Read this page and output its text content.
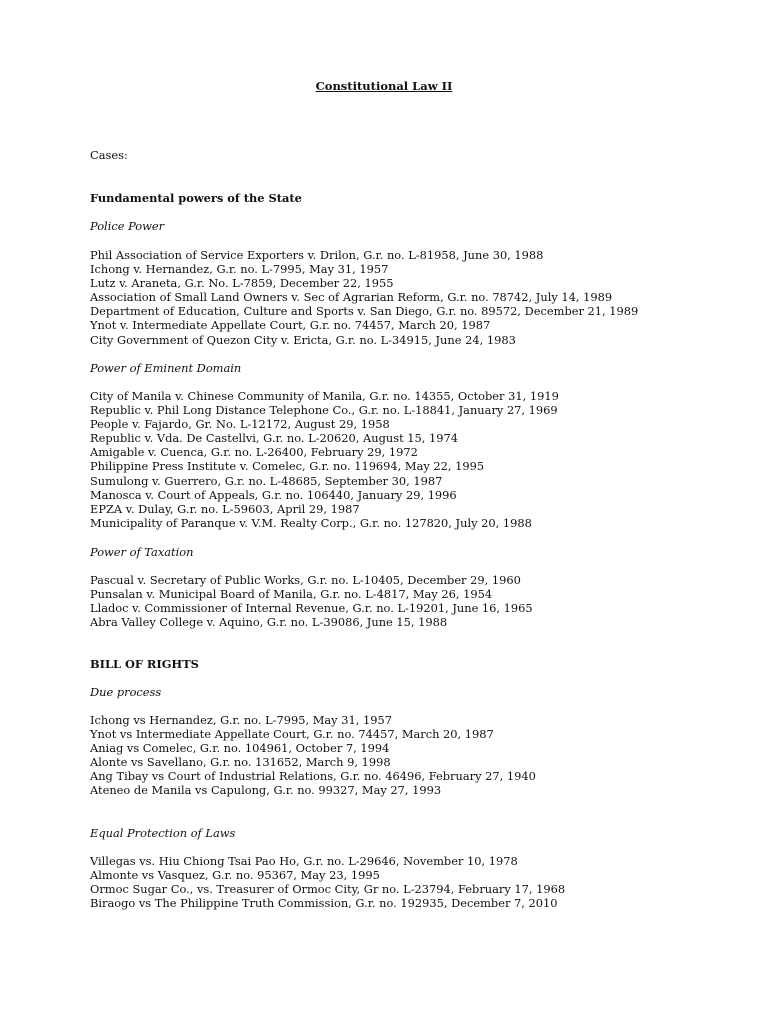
Constitutional Law II
Cases:
Fundamental powers of the State
Police Power
Phil Association of Service Exporters v. Drilon, G.r. no. L-81958, June 30, 1988
Ichong v. Hernandez, G.r. no. L-7995, May 31, 1957
Lutz v. Araneta, G.r. No. L-7859, December 22, 1955
Association of Small Land Owners v. Sec of Agrarian Reform, G.r. no. 78742, July 14, 1989
Department of Education, Culture and Sports v. San Diego, G.r. no. 89572, December 21, 1989
Ynot v. Intermediate Appellate Court, G.r. no. 74457, March 20, 1987
City Government of Quezon City v. Ericta, G.r. no. L-34915, June 24, 1983
Power of Eminent Domain
City of Manila v. Chinese Community of Manila, G.r. no. 14355, October 31, 1919
Republic v. Phil Long Distance Telephone Co., G.r. no. L-18841, January 27, 1969
People v. Fajardo, Gr. No. L-12172, August 29, 1958
Republic v. Vda. De Castellvi, G.r. no. L-20620, August 15, 1974
Amigable v. Cuenca, G.r. no. L-26400, February 29, 1972
Philippine Press Institute v. Comelec, G.r. no. 119694, May 22, 1995
Sumulong v. Guerrero, G.r. no. L-48685, September 30, 1987
Manosca v. Court of Appeals, G.r. no. 106440, January 29, 1996
EPZA v. Dulay, G.r. no. L-59603, April 29, 1987
Municipality of Paranque v. V.M. Realty Corp., G.r. no. 127820, July 20, 1988
Power of Taxation
Pascual v. Secretary of Public Works, G.r. no. L-10405, December 29, 1960
Punsalan v. Municipal Board of Manila, G.r. no. L-4817, May 26, 1954
Lladoc v. Commissioner of Internal Revenue, G.r. no. L-19201, June 16, 1965
Abra Valley College v. Aquino, G.r. no. L-39086, June 15, 1988
BILL OF RIGHTS
Due process
Ichong vs Hernandez, G.r. no. L-7995, May 31, 1957
Ynot vs Intermediate Appellate Court, G.r. no. 74457, March 20, 1987
Aniag vs Comelec, G.r. no. 104961, October 7, 1994
Alonte vs Savellano, G.r. no. 131652, March 9, 1998
Ang Tibay vs Court of Industrial Relations, G.r. no. 46496, February 27, 1940
Ateneo de Manila vs Capulong, G.r. no. 99327, May 27, 1993
Equal Protection of Laws
Villegas vs. Hiu Chiong Tsai Pao Ho, G.r. no. L-29646, November 10, 1978
Almonte vs Vasquez, G.r. no. 95367, May 23, 1995
Ormoc Sugar Co., vs. Treasurer of Ormoc City, Gr no. L-23794, February 17, 1968
Biraogo vs The Philippine Truth Commission, G.r. no. 192935, December 7, 2010
